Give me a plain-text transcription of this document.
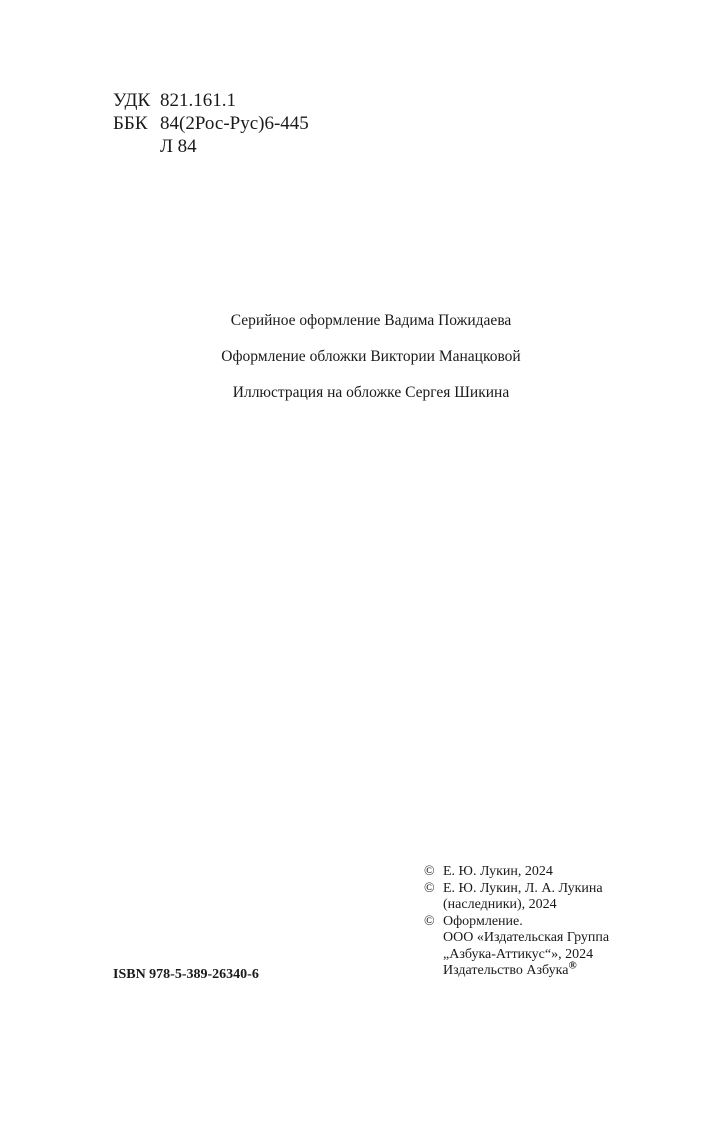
УДК 821.161.1
ББК 84(2Рос-Рус)6-445
Л 84
Серийное оформление Вадима Пожидаева
Оформление обложки Виктории Манацковой
Иллюстрация на обложке Сергея Шикина
ISBN 978-5-389-26340-6
© Е. Ю. Лукин, 2024
© Е. Ю. Лукин, Л. А. Лукина
(наследники), 2024
© Оформление.
ООО «Издательская Группа
„Азбука-Аттикус“», 2024
Издательство Азбука®
